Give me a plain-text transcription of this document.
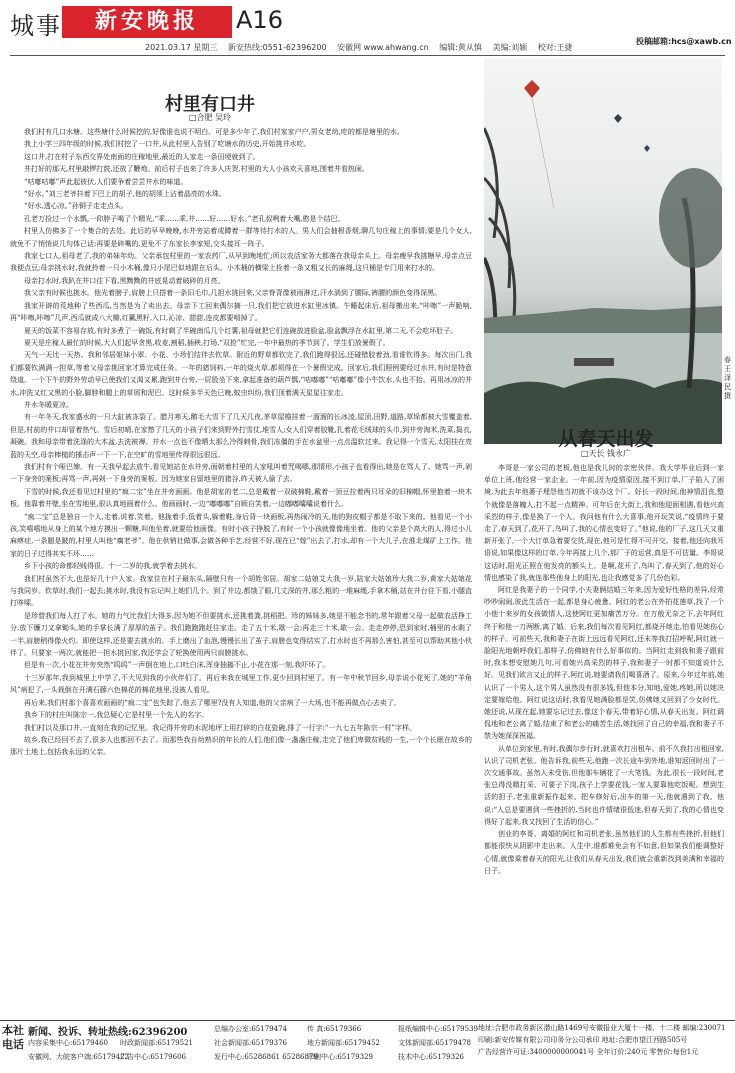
城事	新安晚报	A16
2021.03.17 星期三 新安热线:0551-62396200 安徽网 www.ahwang.cn 编辑:黄从慎 美编:刘颖 校对:王捷
投稿邮箱:hcs@xawb.cn
村里有口井
□合肥 吴玲

我们村有几口水塘。这些塘什么时候挖的,好像谁也说不明白。可是多少年了,我们村家家户户,男女老幼,吃的都是塘里的水。

我上小学三四年级的时候,我们村挖了一口井,从此村里人告别了吃塘水的历史,开始挑井水吃。

这口井,打在村子东西交界处南面的庄稼地里,最近的人家走一条田埂就到了。

井打好的那天,村里敲锣打鼓,还放了鞭炮。前后村子也来了许多人庆贺,村里的大人小孩欢天喜地,围着井看热闹。

“咕嘟咕嘟”声此起彼伏,人们要争着尝尝井水的味道。

“好水。”刘三老爷抖着下巴上的胡子,他的胡须上沾着晶亮的水珠。

“好水,透心凉。”孙铜子走走点头。

孔老万捡过一个水瓢,一仰脖子喝了个精光,“乖……乖,井……好……好水。”老孔叔咧着大嘴,憨是个结巴。

村里人仿佛多了一个集合的去处。此后的早早晚晚,水井旁站着或蹲着一群等待打水的人。男人们会抽根香烟,聊几句庄稼上的事情;要是几个女人,就免不了悄悄说几句体己话;再要是碎嘴的,更免不了东家长李家短,交头接耳一阵子。

我家七口人,祖母老了,我的弟妹年幼。父亲承包村里的一家农药厂,从早到晚地忙;所以农活家务大都落在我母亲头上。母亲瘦早我挑糖早,母亲点豆我便点豆;母亲挑水时,我就拎着一只小木桶,像只小尾巴似地跟在后头。小木桶的横梁上拴着一条又粗又长的麻绳,这只桶是专门用来打水的。

母亲打水时,我趴在井口往下看,黑黝黝的井底晃动着破碎的月亮。

我父亲有时候也挑水。他光着膀子,肩膀上只搭着一条旧毛巾,几担水挑回来,父亲脊背像被雨淋过,汗水淌到了腰际,裤腰的颜色变得深黑。

我家开辟的荒地种了些西瓜,当然是为了卖出去。母亲下工回来偶尔摘一只,我们把它放进水缸里冰镇。午睡起床后,祖母搬出来,“咔嚓”一声脆响,再“咔嚓,咔嚓”几声,西瓜就成八大瓣,红瓤黑籽,入口,沁凉、甜甜,连皮都要啃掉了。

夏天的饭菜不容易存放,有时多煮了一碗饭,有时剩了半碗南瓜几个红薯,祖母就把它们连碗放进脸盆,脸盆飘浮在水缸里,第二天,不会吃坏肚子。

夏天是庄稼人最忙的时候,大人们起早贪黑,收麦,割稻,插秧,打场,“双抢”忙完,一年中最热的季节到了。学生们放暑假了。

天气一天比一天热。我和邻居姐妹小翠、小花、小珍们结伴去钦草。附近的野草都钦完了,我们跑得很远,还碰错胶着劲,看谁钦得多。每次出门,我们都要钦满满一担草,等着父母亲挑回家才算完成任务。一年的猪饲料,一年的烧火草,都须得在一个暑假完成。回家后,我们照例要经过水井,有时是特意绕道。一个下午的野外劳动早已使我们又渴又累,跑到井台旁,一屁股坐下来,拿起准备的葫芦瓢,“咕嘟嘟”“咕嘟嘟”像小牛饮水,头也不抬。再用冰凉的井水,冲洗又红又黑的小脸,脚脖和腿上的草屑和泥巴。这时候多半天色已晚,蚊虫纠纷,我们顶着满天星星往家走。

井水冬暖夏凉。

有一年冬天,我家盛水的一只大缸被冻裂了。腊月寒天,鹅毛大雪下了几天几夜,茅草屋檐挂着一溜溜的长冰凌,屋顶,田野,道路,草垛都被大雪覆盖着,但是,村前的井口却冒着热气。雪后初晴,在家憋了几天的小孩子们来到野外打雪仗,堆雪人;女人们穿着胶靴,扎着花毛绒球的头巾,到井旁淘米,洗菜,捣衣,凝碗。我和母亲带着洗涤的大木盆,去洗被褥。井水一点也不像晒太那么冷得刺骨,我们冻僵的手在水盆里一点点温软过来。我记得一个雪天,太阳挂在亮蓝的天空,母亲棒槌的捶击声一下一下,在空旷的雪地里传得很远很远。

我们村有个哑巴婶。有一天我早起去放牛,看见她站在水井旁,面朝着村里的人家吼叫着咒喝哪,那情形,小孩子也看得出,她是在骂人了。她骂一声,剁一下身旁的案板;再骂一声,再剁一下身旁的案板。因为她家自留地里的猪谷,昨天被人偷了去。

下雪的时候,我还看见过村里的“疯二宝”坐在井旁画画。他是胡家的老二,总是戴着一双破棉鞋,戴着一顶豆拉着两只耳朵的旧棉帽,怀里抱着一块木板。他靠着井壁,坐在雪地里,很认真地画着什么。他画画时,一边“嘟嘟嘟”自顾自笑着,一边嘟嘟囔囔说着什么。

“疯二宝”总是独自一个人,走着,说着,笑着。他拢着手,低着头,躲着鞋,身后背一块画板,再热闹冷的天,他的狗皮帽子都是不取下来的。他看见一个小孩,笑嘻嘻地从身上的某个地方摸出一颗糖,叫他坐着,就要给他画像。有时小孩子挣脱了,有时一个小孩就像像地坐着。他的父亲是个高大的人,得过小儿麻痹症,一条腿是跛的,村里人叫他“瘸老爷”。他在供销社做事,会做各种手艺,经营不好,现在已“嫁”出去了,打水,却有一个大儿子,在淮北煤矿上工作。他家的日子过得其实不坏……

乡下小孩的命都轻贱得很。十一二岁的我,就学着去挑水。

我们村虽然不大,也是好几十户人家。我家住在村子最东头,隔壁只有一个胡姓邻居。胡家二姑娘艾大我一岁,陆家大姑娘珍大我二岁,黄家大姑娘花与我同岁。钦草时,我们一起去;挑水时,我没有忘记叫上她们几个。到了井边,都饿了眼,几丈深的井,那么粗的一堆麻绳,手拿木桶,站在井台往下看,小腿直打哆嗦。

是珍替我们每人打了水。她的力气比我们大得多,因为她不但要挑水,还挑着粪,挑稻把。珍的姊妹多,她是不能念书的,常年跟着父母一起做农活挣工分,放下镰刀又拿锄头,她的手掌长满了厚厚的茧子。我们跑跑跑赶往家走。走了五十米,歇一会;再走三十米,歇一会。走走停停,恐到家时,桶里的水剩了一半,肩膀稍得像火灼。即使这样,还是要去挑水的。手上磨出了血泡,慢慢长出了茧子,肩膀也变得结实了,打水时也不再那么害怕,甚至可以帮助其他小伙伴了。只要家一两次,就能把一担水挑回家,我还学会了轮换使用两只肩膀挑水。

但是有一次,小花在井旁突然“呜呜”一声倒在地上,口吐白沫,浑身抽搐不止,小花在那一刻,我吓坏了。

十三岁那年,我到城里上中学了,不大见到我的小伙伴们了。再后来我在城里工作,更少回到村里了。有一年中秋节回乡,母亲说小花死了,她的“羊角风”病犯了,一头栽倒在开满石藤六色棉花的棉花地里,没被人看见。

再后来,我们村那个喜喜欢画画的“疯二宝”也失踪了,他去了哪里?没有人知道,他的父亲病了一大场,也不能再做点心去卖了。

我乡下的村庄叫陈宗一,我总疑心它是村里一个先人的名字。

我们村以及那口井,一直刻在我的记忆里。我记得井旁的水泥地坪上用打碎的白花瓷碗,排了一行字:“一九七五年陈宗一村”字样。

故乡,我已经回不去了,很多人也都回不去了。而那些我自幼熟识的年长的人们,他们像一盏盏庄稼,走完了他们卑微贫贱的一生,一个个长眠在故乡的那片土地上,包括我永远的父亲。

春 王泽民 摄
从春天出发
□天长 钱永广

李哥是一家公司的老板,他也是我儿时的亲密伙伴。我大学毕业后到一家单位上班,他经营一家企业。一年前,因为疫情原因,接不到订单,厂子陷入了困境,为此去年他萎子埋怨他当初就不该办这个厂。好长一段时间,他神情沮丧,整个就像是落魄人,打不起一点精神。可年后在大街上,我和他迎面相遇,看他兴高采烈的样子,像是换了一个人。我问他有什么大喜事,他开玩笑说,“疫情终于要走了,春天到了,花开了,鸟叫了,我的心情也变好了。”他说,他的厂子,这几天又重新开张了,一个大订单急着要交货,现在,他可是忙得不可开交。接着,他还向我耳语说,如果像这样的订单,今年再接上几个,那厂子的运营,真是不可估量。李哥说这话时,阳光正照在他发亮的额头上。是啊,花开了,鸟叫了,春天到了,他的好心情也感染了我,就连那些他身上的阳光,也让我感觉多了几份色彩。

阿红是我妻子的一个同学,小夫妻俩结婚三年来,因为爱好性格的差异,经常吵吵闹闹,彼此生活在一起,都是身心疲惫。阿红的老公在外拍花莲草,找了一个小他十来岁的女孩做情人,这使阿红更加痛苦万分。在万般无奈之下,去年阿红终于和他一刀两断,离了婚。后来,我们每次看见阿红,都烧开她走,怕看见她伤心的样子。可前些天,我和妻子在街上远远看见阿红,还未等我打招呼呢,阿红就一脸阳光地朝呼我们,那样子,仿佛她有什么好事似的。当阿红走到我和妻子跟前时,我本想安慰她几句,可看她兴高采烈的样子,我和妻子一时都不知道说什么好。见我们欲言又止的样子,阿红说,她要请我们喝喜酒了。原来,今年过年前,她认识了一个男人,这个男人虽然没有很多钱,但他本分,知地,爱她,疼她,所以她决定要嫁给他。阿红说这话时,我看见她满脸都是笑,仿佛她又回到了少女时代。她还说,从现在起,她要忘记过去,像这个春天,带着好心情,从春天出发。阿红调侃地和老公离了婚,结束了和老公的痛苦生活,她找回了自己的幸福,我和妻子不禁为她深深祝福。

从单位到家里,有时,我偶尔步行时,就喜欢打出租车。前不久我打出租回家,认识了司机老张。他告诉我,前些天,他跑一次长途车到外地,谁知返回时出了一次交通事故。虽然人未受伤,但他那车辆花了一大笔钱。为此,很长一段时间,老张总得没精打采。可要子下岗,孩子上学要花钱,一家人要靠他吃饭呢。想到生活的担子,老张重新振作起来。把车修好后,出车的第一天,他就遇到了我。他说:“人总是要遇到一些挫折的,当时也许情绪很低迷,但春天到了,我的心情也变得好了起来,我又找回了生活的信心。”

创业的李哥、离婚的阿红和司机老张,虽然他们的人生都有些挫折,但他们都能很快从阴影中走出来。人生中,谁都难免会有不如意,但如果我们能调整好心情,就像乘着春天的阳光,让我们从春天出发,我们就会重新找到美满和幸福的日子。

本社电话
新闻、投诉、转址热线:62396200	总编办公室:65179474	传 真:65179366	报纸编辑中心:65179539
内容采集中心:65179460 时政新闻部:65179521	社会新闻部:65179376	地方新闻部:65179452	文体新闻部:65179478
安徽网、大皖客户端:65179422
广告中心:65179606	发行中心:65286861 65286879
印刷中心:65179329	技术中心:65179326
地址:合肥市政务新区潜山路1469号安徽报业大厦十一楼、十二楼 邮编:230071
印刷:新安传媒有限公司印务分公司承印 地址:合肥市望江西路505号
广告经营许可证:3400000000041号 全年订价:240元 零售价:每份1元
